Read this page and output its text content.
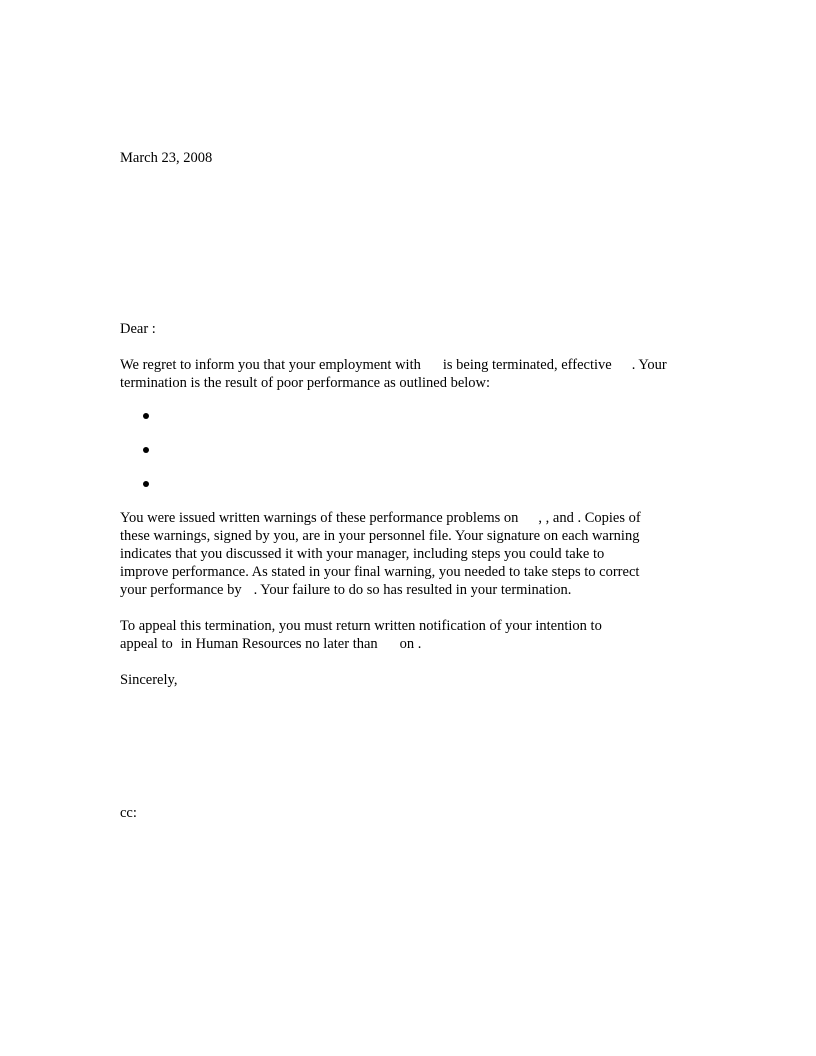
March 23, 2008
Dear :
We regret to inform you that your employment with is being terminated, effective . Your
termination is the result of poor performance as outlined below:
You were issued written warnings of these performance problems on , , and . Copies of
these warnings, signed by you, are in your personnel file. Your signature on each warning
indicates that you discussed it with your manager, including steps you could take to
improve performance. As stated in your final warning, you needed to take steps to correct
your performance by . Your failure to do so has resulted in your termination.
To appeal this termination, you must return written notification of your intention to
appeal to in Human Resources no later than on .
Sincerely,
cc:
